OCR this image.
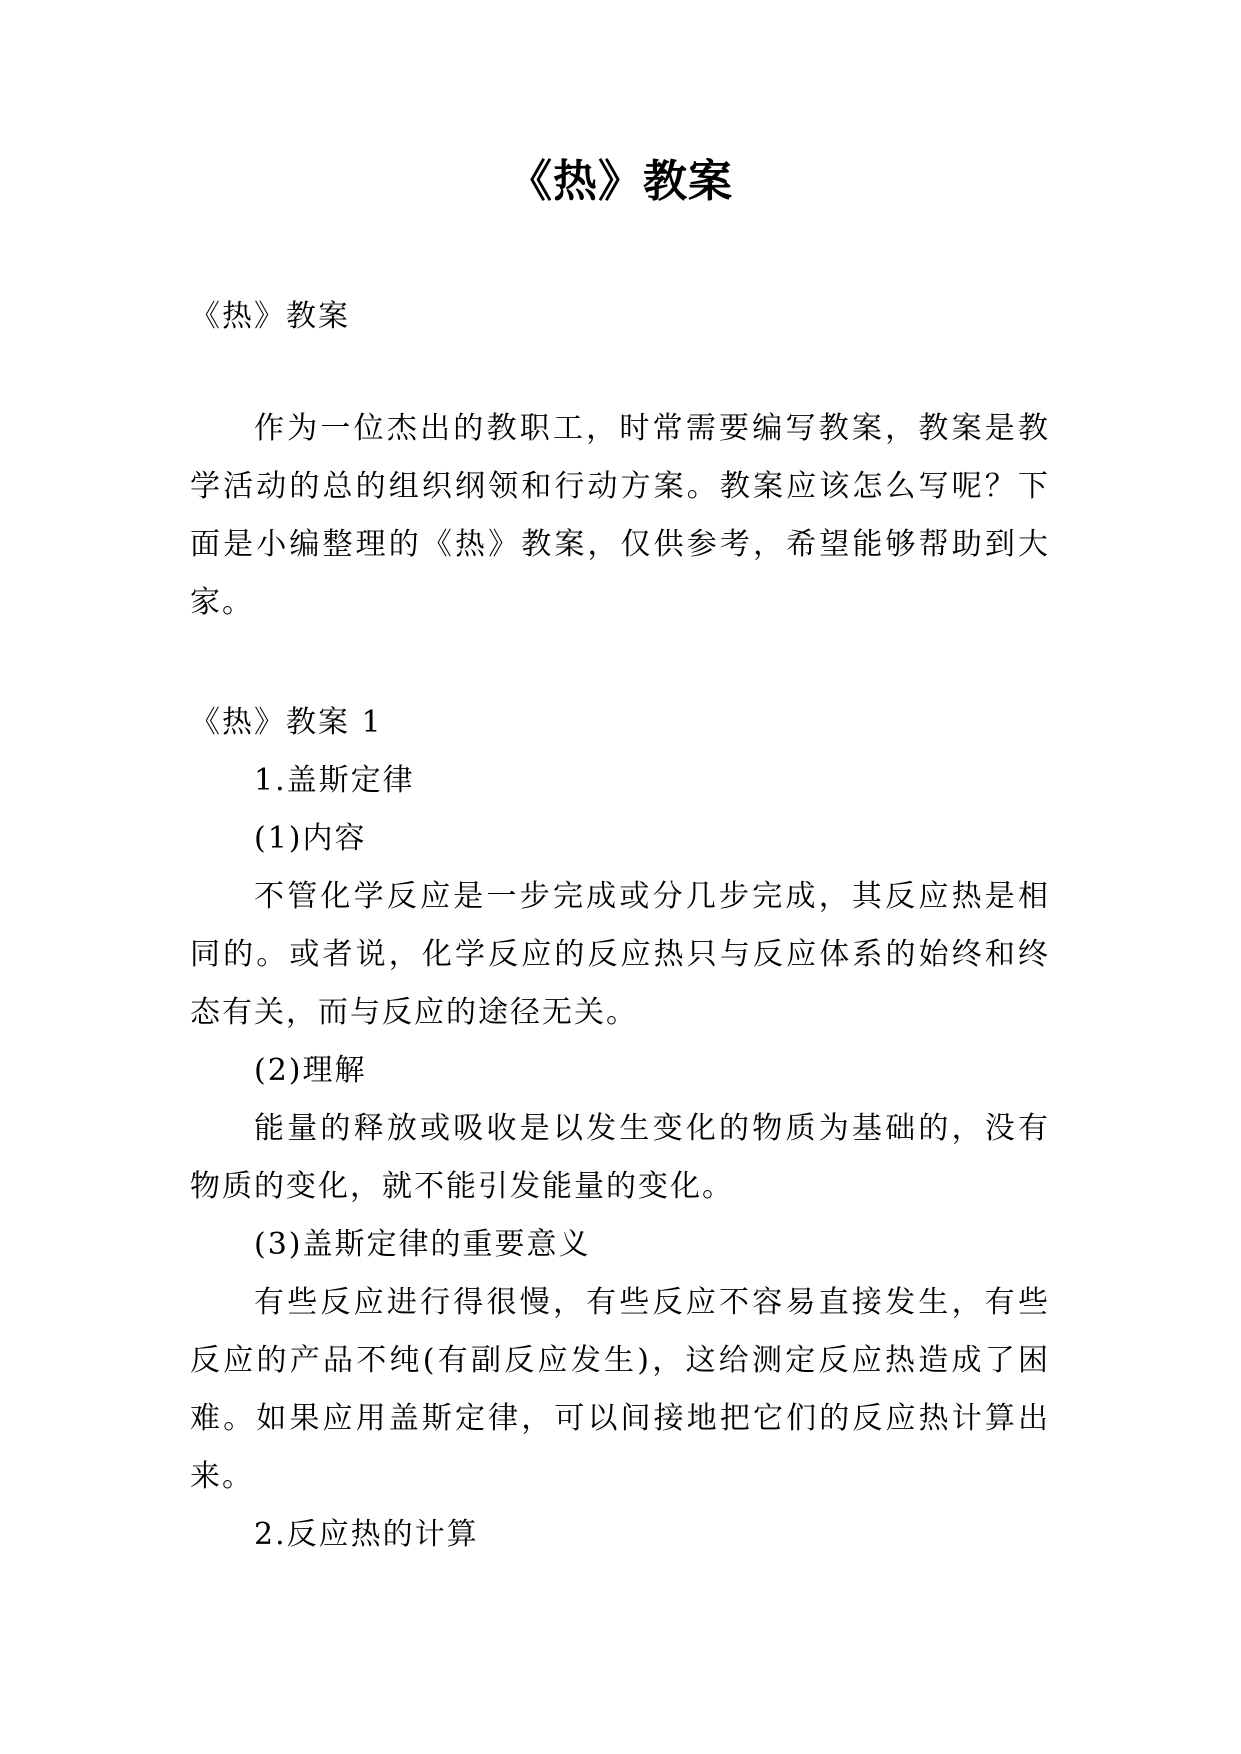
《热》教案
《热》教案

作为一位杰出的教职工，时常需要编写教案，教案是教学活动的总的组织纲领和行动方案。教案应该怎么写呢？下面是小编整理的《热》教案，仅供参考，希望能够帮助到大家。

《热》教案 1

1.盖斯定律

(1)内容

不管化学反应是一步完成或分几步完成，其反应热是相同的。或者说，化学反应的反应热只与反应体系的始终和终态有关，而与反应的途径无关。

(2)理解

能量的释放或吸收是以发生变化的物质为基础的，没有物质的变化，就不能引发能量的变化。

(3)盖斯定律的重要意义

有些反应进行得很慢，有些反应不容易直接发生，有些反应的产品不纯(有副反应发生)，这给测定反应热造成了困难。如果应用盖斯定律，可以间接地把它们的反应热计算出来。

2.反应热的计算
